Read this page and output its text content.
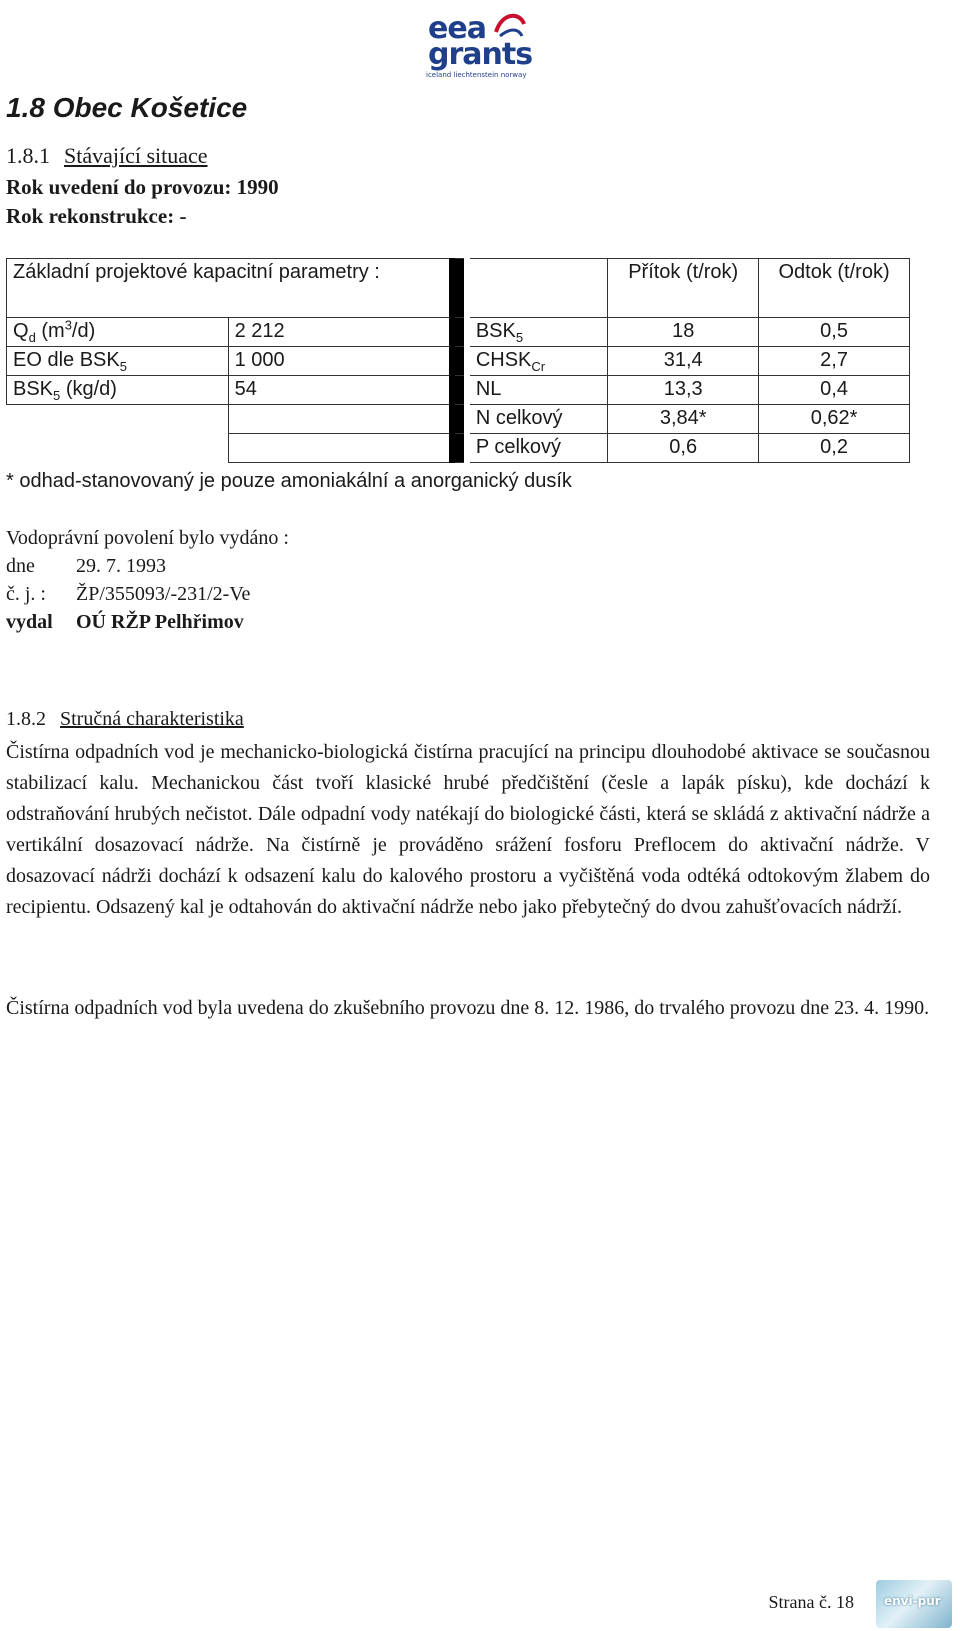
eea
grants
iceland liechtenstein norway
1.8 Obec Košetice
1.8.1 Stávající situace
Rok uvedení do provozu: 1990
Rok rekonstrukce: -
Základní projektové kapacitní parametry :				Přítok (t/rok)	Odtok (t/rok)
$Q_d$ $(m^3/d)$	2 212		$BSK_5$	18	0,5
EO dle $BSK_5$	1 000		$CHSK_{Cr}$	31,4	2,7
$BSK_5$ (kg/d)	54		NL	13,3	0,4
			N celkový	3,84*	0,62*
			P celkový	0,6	0,2
* odhad-stanovovaný je pouze amoniakální a anorganický dusík
Vodoprávní povolení bylo vydáno :
dne 29. 7. 1993
č. j. : ŽP/355093/-231/2-Ve
vydal OÚ RŽP Pelhřimov
1.8.2 Stručná charakteristika
Čistírna odpadních vod je mechanicko-biologická čistírna pracující na principu dlouhodobé aktivace se současnou stabilizací kalu. Mechanickou část tvoří klasické hrubé předčištění (česle a lapák písku), kde dochází k odstraňování hrubých nečistot. Dále odpadní vody natékají do biologické části, která se skládá z aktivační nádrže a vertikální dosazovací nádrže. Na čistírně je prováděno srážení fosforu Preflocem do aktivační nádrže. V dosazovací nádrži dochází k odsazení kalu do kalového prostoru a vyčištěná voda odtéká odtokovým žlabem do recipientu. Odsazený kal je odtahován do aktivační nádrže nebo jako přebytečný do dvou zahušťovacích nádrží.
Čistírna odpadních vod byla uvedena do zkušebního provozu dne 8. 12. 1986, do trvalého provozu dne 23. 4. 1990.
Strana č. 18	envi-pur
